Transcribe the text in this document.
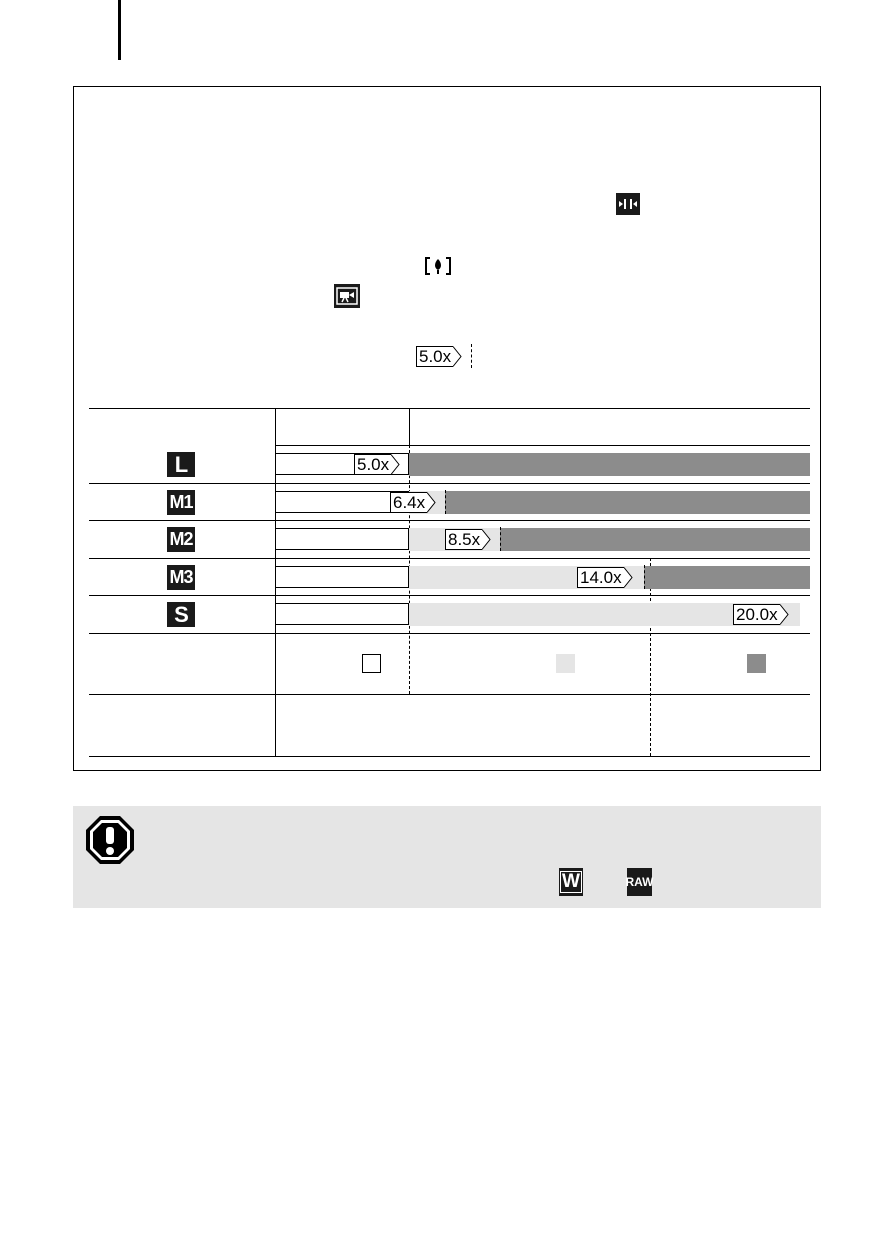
5.0x
L	5.0x
M1	6.4x
M2	8.5x
M3	14.0x
S	20.0x
W	RAW
